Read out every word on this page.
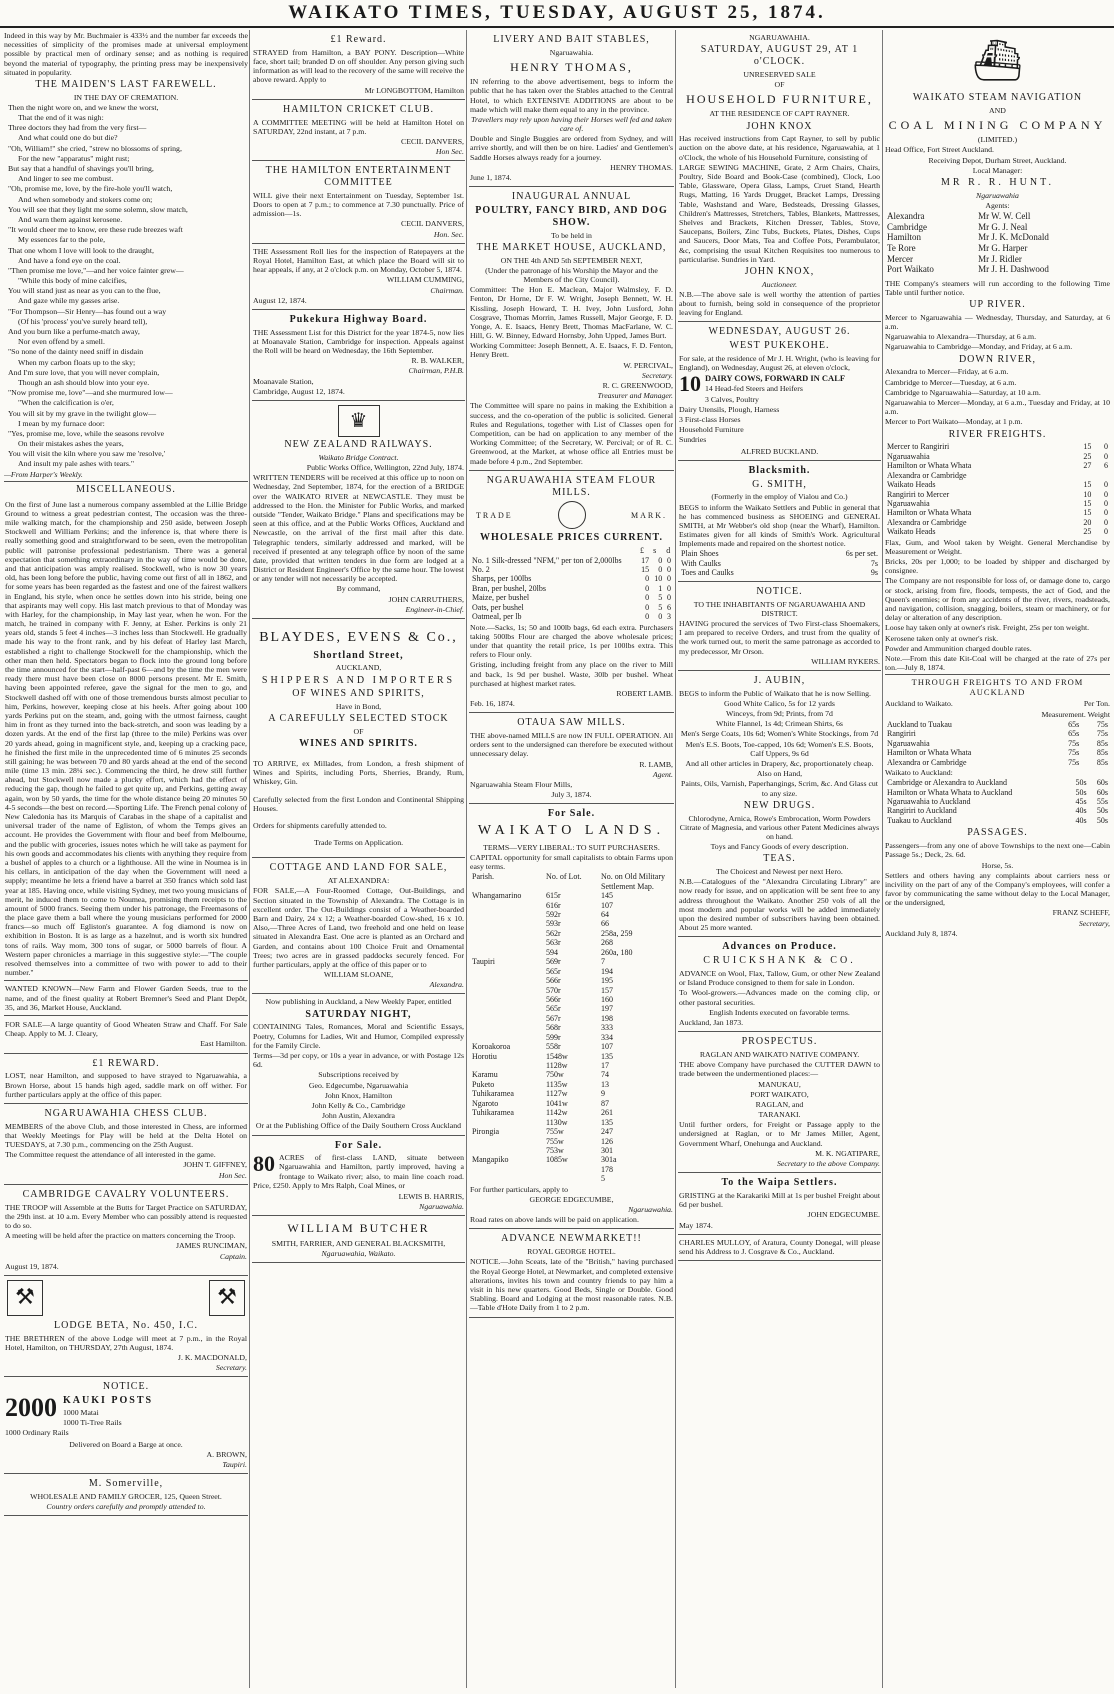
WAIKATO TIMES, TUESDAY, AUGUST 25, 1874.
Indeed in this way by Mr. Buchmaier is 433½ and the number far exceeds the necessities of simplicity of the promises made at universal employment possible by practical men of ordinary sense; and as nothing is required beyond the material of typography, the printing press may be inexpensively situated in popularity.
THE MAIDEN'S LAST FAREWELL.
IN THE DAY OF CREMATION.
Then the night wore on, and we knew the worst,
That the end of it was nigh:
Three doctors they had from the very first—
And what could one do but die?
"Oh, William!" she cried, "strew no blossoms of spring,
For the new "apparatus" might rust;
But say that a handful of shavings you'll bring,
And linger to see me combust.
"Oh, promise me, love, by the fire-hole you'll watch,
And when somebody and stokers come on;
You will see that they light me some solemn, slow match,
And warn them against kerosene.
"It would cheer me to know, ere these rude breezes waft
My essences far to the pole,
That one whom I love will look to the draught,
And have a fond eye on the coal.
"Then promise me love,"—and her voice fainter grew—
"While this body of mine calcifies,
You will stand just as near as you can to the flue,
And gaze while my gasses arise.
"For Thompson—Sir Henry—has found out a way
(Of his 'process' you've surely heard tell),
And you burn like a perfume-match away,
Nor even offend by a smell.
"So none of the dainty need sniff in disdain
When my carbon floats up to the sky;
And I'm sure love, that you will never complain,
Though an ash should blow into your eye.
"Now promise me, love"—and she murmured low—
"When the calcification is o'er,
You will sit by my grave in the twilight glow—
I mean by my furnace door:
"Yes, promise me, love, while the seasons revolve
On their mistakes ashes the years,
You will visit the kiln where you saw me 'resolve,'
And insult my pale ashes with tears."
—From Harper's Weekly.
MISCELLANEOUS.
On the first of June last a numerous company assembled at the Lillie Bridge Ground to witness a great pedestrian contest, The occasion was the three-mile walking match, for the championship and 250 aside, between Joseph Stockwell and William Perkins; and the inference is, that where there is really something good and straightforward to be seen, even the metropolitan public will patronise professional pedestrianism. There was a general expectation that something extraordinary in the way of time would be done, and that anticipation was amply realised. Stockwell, who is now 30 years old, has been long before the public, having come out first of all in 1862, and for some years has been regarded as the fastest and one of the fairest walkers in England, his style, when once he settles down into his stride, being one that aspirants may well copy. His last match previous to that of Monday was with Harley, for the championship, in May last year, when he won. For the match, he trained in company with F. Jenny, at Esher. Perkins is only 21 years old, stands 5 feet 4 inches—3 inches less than Stockwell. He gradually made his way to the front rank, and by his defeat of Harley last March, established a right to challenge Stockwell for the championship, which the other man then held. Spectators began to flock into the ground long before the time announced for the start—half-past 6—and by the time the men were ready there must have been close on 8000 persons present. Mr E. Smith, having been appointed referee, gave the signal for the men to go, and Stockwell dashed off with one of those tremendous bursts almost peculiar to him, Perkins, however, keeping close at his heels. After going about 100 yards Perkins put on the steam, and, going with the utmost fairness, caught him in front as they turned into the back-stretch, and soon was leading by a dozen yards. At the end of the first lap (three to the mile) Perkins was over 20 yards ahead, going in magnificent style, and, keeping up a cracking pace, he finished the first mile in the unprecedented time of 6 minutes 25 seconds still gaining; he was between 70 and 80 yards ahead at the end of the second mile (time 13 min. 28¼ sec.). Commencing the third, he drew still further ahead, but Stockwell now made a plucky effort, which had the effect of reducing the gap, though he failed to get quite up, and Perkins, getting away again, won by 50 yards, the time for the whole distance being 20 minutes 50 4-5 seconds—the best on record.—Sporting Life. The French penal colony of New Caledonia has its Marquis of Carabas in the shape of a capitalist and universal trader of the name of Egliston, of whom the Temps gives an account. He provides the Government with flour and beef from Melbourne, and the public with groceries, issues notes which he will take as payment for his own goods and accommodates his clients with anything they require from a bushel of apples to a church or a lighthouse. All the wine in Noumea is in his cellars, in anticipation of the day when the Government will need a supply; meantime he lets a friend have a barrel at 350 francs which sold last year at 185. Having once, while visiting Sydney, met two young musicians of merit, he induced them to come to Noumea, promising them receipts to the amount of 5000 francs. Seeing them under his patronage, the Freemasons of the place gave them a ball where the young musicians performed for 2000 francs—so much off Egliston's guarantee. A fog diamond is now on exhibition in Boston. It is as large as a hazelnut, and is worth six hundred tons of rails. Way mom, 300 tons of sugar, or 5000 barrels of flour. A Western paper chronicles a marriage in this suggestive style:—"The couple resolved themselves into a committee of two with power to add to their number."
WANTED KNOWN—New Farm and Flower Garden Seeds, true to the name, and of the finest quality at Robert Bremner's Seed and Plant Depôt, 35, and 36, Market House, Auckland.
FOR SALE—A large quantity of Good Wheaten Straw and Chaff. For Sale Cheap. Apply to M. J. Cleary,
East Hamilton.
£1 REWARD.
LOST, near Hamilton, and supposed to have strayed to Ngaruawahia, a Brown Horse, about 15 hands high aged, saddle mark on off wither. For further particulars apply at the office of this paper.
NGARUAWAHIA CHESS CLUB.
MEMBERS of the above Club, and those interested in Chess, are informed that Weekly Meetings for Play will be held at the Delta Hotel on TUESDAYS, at 7.30 p.m., commencing on the 25th August.
The Committee request the attendance of all interested in the game.
JOHN T. GIFFNEY,
Hon Sec.
CAMBRIDGE CAVALRY VOLUNTEERS.
THE TROOP will Assemble at the Butts for Target Practice on SATURDAY, the 29th inst. at 10 a.m. Every Member who can possibly attend is requested to do so.
A meeting will be held after the practice on matters concerning the Troop.
JAMES RUNCIMAN,
Captain.
August 19, 1874.
⚒	⚒
LODGE BETA, No. 450, I.C.
THE BRETHREN of the above Lodge will meet at 7 p.m., in the Royal Hotel, Hamilton, on THURSDAY, 27th August, 1874.
J. K. MACDONALD,
Secretary.
NOTICE.
2000 KAUKI POSTS
1000 Matai
1000 Ti-Tree Rails
1000 Ordinary Rails
Delivered on Board a Barge at once.
A. BROWN,
Taupiri.
M. Somerville,
WHOLESALE AND FAMILY GROCER, 125, Queen Street.
Country orders carefully and promptly attended to.
£1 Reward.
STRAYED from Hamilton, a BAY PONY. Description—White face, short tail; branded D on off shoulder. Any person giving such information as will lead to the recovery of the same will receive the above reward. Apply to
Mr LONGBOTTOM, Hamilton
HAMILTON CRICKET CLUB.
A COMMITTEE MEETING will be held at Hamilton Hotel on SATURDAY, 22nd instant, at 7 p.m.
CECIL DANVERS,
Hon Sec.
THE HAMILTON ENTERTAINMENT COMMITTEE
WILL give their next Entertainment on Tuesday, September 1st. Doors to open at 7 p.m.; to commence at 7.30 punctually. Price of admission—1s.
CECIL DANVERS,
Hon. Sec.
THE Assessment Roll lies for the inspection of Ratepayers at the Royal Hotel, Hamilton East, at which place the Board will sit to hear appeals, if any, at 2 o'clock p.m. on Monday, October 5, 1874.
WILLIAM CUMMING,
Chairman.
August 12, 1874.
Pukekura Highway Board.
THE Assessment List for this District for the year 1874-5, now lies at Moanavale Station, Cambridge for inspection. Appeals against the Roll will be heard on Wednesday, the 16th September.
R. B. WALKER,
Chairman, P.H.B.
Moanavale Station,
Cambridge, August 12, 1874.
♛
NEW ZEALAND RAILWAYS.
Waikato Bridge Contract.
Public Works Office, Wellington, 22nd July, 1874.
WRITTEN TENDERS will be received at this office up to noon on Wednesday, 2nd September, 1874, for the erection of a BRIDGE over the WAIKATO RIVER at NEWCASTLE. They must be addressed to the Hon. the Minister for Public Works, and marked outside "Tender, Waikato Bridge." Plans and specifications may be seen at this office, and at the Public Works Offices, Auckland and Newcastle, on the arrival of the first mail after this date. Telegraphic tenders, similarly addressed and marked, will be received if presented at any telegraph office by noon of the same date, provided that written tenders in due form are lodged at a District or Resident Engineer's Office by the same hour. The lowest or any tender will not necessarily be accepted.
By command,
JOHN CARRUTHERS,
Engineer-in-Chief.
BLAYDES, EVENS & Co.,
Shortland Street,
AUCKLAND,
SHIPPERS AND IMPORTERS
OF WINES AND SPIRITS,
Have in Bond,
A CAREFULLY SELECTED STOCK
OF
WINES AND SPIRITS.
TO ARRIVE, ex Millades, from London, a fresh shipment of Wines and Spirits, including Ports, Sherries, Brandy, Rum, Whiskey, Gin.
Carefully selected from the first London and Continental Shipping Houses.
Orders for shipments carefully attended to.
Trade Terms on Application.
COTTAGE AND LAND FOR SALE,
AT ALEXANDRA:
FOR SALE,—A Four-Roomed Cottage, Out-Buildings, and Section situated in the Township of Alexandra. The Cottage is in excellent order. The Out-Buildings consist of a Weather-boarded Barn and Dairy, 24 x 12; a Weather-boarded Cow-shed, 16 x 10. Also,—Three Acres of Land, two freehold and one held on lease situated in Alexandra East. One acre is planted as an Orchard and Garden, and contains about 100 Choice Fruit and Ornamental Trees; two acres are in grassed paddocks securely fenced. For further particulars, apply at the office of this paper or to
WILLIAM SLOANE,
Alexandra.
Now publishing in Auckland, a New Weekly Paper, entitled
SATURDAY NIGHT,
CONTAINING Tales, Romances, Moral and Scientific Essays, Poetry, Columns for Ladies, Wit and Humor, Compiled expressly for the Family Circle.
Terms—3d per copy, or 10s a year in advance, or with Postage 12s 6d.
Subscriptions received by
Geo. Edgecumbe, Ngaruawahia
John Knox, Hamilton
John Kelly & Co., Cambridge
John Austin, Alexandra
Or at the Publishing Office of the Daily Southern Cross Auckland
For Sale.
80 ACRES of first-class LAND, situate between Ngaruawahia and Hamilton, partly improved, having a frontage to Waikato river; also, to main line coach road. Price, £250. Apply to Mrs Ralph, Coal Mines, or
LEWIS B. HARRIS,
Ngaruawahia.
WILLIAM BUTCHER
SMITH, FARRIER, AND GENERAL BLACKSMITH,
Ngaruawahia, Waikato.
LIVERY AND BAIT STABLES,
Ngaruawahia.
HENRY THOMAS,
IN referring to the above advertisement, begs to inform the public that he has taken over the Stables attached to the Central Hotel, to which EXTENSIVE ADDITIONS are about to be made which will make them equal to any in the province.
Travellers may rely upon having their Horses well fed and taken care of.
Double and Single Buggies are ordered from Sydney, and will arrive shortly, and will then be on hire. Ladies' and Gentlemen's Saddle Horses always ready for a journey.
HENRY THOMAS.
June 1, 1874.
INAUGURAL ANNUAL
POULTRY, FANCY BIRD, AND DOG SHOW.
To be held in
THE MARKET HOUSE, AUCKLAND,
ON THE 4th AND 5th SEPTEMBER NEXT,
(Under the patronage of his Worship the Mayor and the Members of the City Council).
Committee: The Hon E. Maclean, Major Walmsley, F. D. Fenton, Dr Horne, Dr F. W. Wright, Joseph Bennett, W. H. Kissling, Joseph Howard, T. H. Ivey, John Lusford, John Cosgrave, Thomas Morrin, James Russell, Major George, F. D. Yonge, A. E. Isaacs, Henry Brett, Thomas MacFarlane, W. C. Hill, G. W. Binney, Edward Hornsby, John Upped, James Burt.
Working Committee: Joseph Bennett, A. E. Isaacs, F. D. Fenton, Henry Brett.
W. PERCIVAL,
Secretary.
R. C. GREENWOOD,
Treasurer and Manager.
The Committee will spare no pains in making the Exhibition a success, and the co-operation of the public is solicited. General Rules and Regulations, together with List of Classes open for Competition, can be had on application to any member of the Working Committee; of the Secretary, W. Percival; or of R. C. Greenwood, at the Market, at whose office all Entries must be made before 4 p.m., 2nd September.
NGARUAWAHIA STEAM FLOUR MILLS.
TRADE	MARK.
WHOLESALE PRICES CURRENT.
	£	s	d
No. 1 Silk-dressed "NFM," per ton of 2,000lbs	17	0	0
No. 2	15	0	0
Sharps, per 100lbs	0	10	0
Bran, per bushel, 20lbs	0	1	0
Maize, per bushel	0	5	0
Oats, per bushel	0	5	6
Oatmeal, per lb	0	0	3
Note.—Sacks, 1s; 50 and 100lb bags, 6d each extra. Purchasers taking 500lbs Flour are charged the above wholesale prices; under that quantity the retail price, 1s per 100lbs extra. This refers to Flour only.
Gristing, including freight from any place on the river to Mill and back, 1s 9d per bushel. Waste, 30lb per bushel. Wheat purchased at highest market rates.
ROBERT LAMB.
Feb. 16, 1874.
OTAUA SAW MILLS.
THE above-named MILLS are now IN FULL OPERATION. All orders sent to the undersigned can therefore be executed without unnecessary delay.
R. LAMB,
Agent.
Ngaruawahia Steam Flour Mills,
July 3, 1874.
For Sale.
WAIKATO LANDS.
TERMS—VERY LIBERAL: TO SUIT PURCHASERS.
CAPITAL opportunity for small capitalists to obtain Farms upon easy terms.
Parish.	No. of Lot.	No. on Old Military Settlement Map.
Whangamarino	615r	145
	616r	107
	592r	64
	593r	66
	562r	258a, 259
	563r	268
	594	260a, 180
Taupiri	569r	7
	565r	194
	566r	195
	570r	157
	566r	160
	565r	197
	567r	198
	568r	333
	599r	334
Koroakoroa	558r	107
Horotiu	1548w	135
	1128w	17
Karamu	750w	74
Puketo	1135w	13
Tuhikaramea	1127w	9
Ngaroto	1041w	87
Tuhikaramea	1142w	261
	1130w	135
Pirongia	755w	247
	755w	126
	753w	301
Mangapiko	1085w	301a
		178
		5
For further particulars, apply to
GEORGE EDGECUMBE,
Ngaruawahia.
Road rates on above lands will be paid on application.
ADVANCE NEWMARKET!!
ROYAL GEORGE HOTEL.
NOTICE.—John Sceats, late of the "British," having purchased the Royal George Hotel, at Newmarket, and completed extensive alterations, invites his town and country friends to pay him a visit in his new quarters. Good Beds, Single or Double. Good Stabling. Board and Lodging at the most reasonable rates. N.B.—Table d'Hote Daily from 1 to 2 p.m.
NGARUAWAHIA.
SATURDAY, AUGUST 29, AT 1 o'CLOCK.
UNRESERVED SALE
OF
HOUSEHOLD FURNITURE,
AT THE RESIDENCE OF CAPT RAYNER.
JOHN KNOX
Has received instructions from Capt Rayner, to sell by public auction on the above date, at his residence, Ngaruawahia, at 1 o'Clock, the whole of his Household Furniture, consisting of
LARGE SEWING MACHINE, Grate, 2 Arm Chairs, Chairs, Poultry, Side Board and Book-Case (combined), Clock, Loo Table, Glassware, Opera Glass, Lamps, Cruet Stand, Hearth Rugs, Matting, 16 Yards Drugget, Bracket Lamps, Dressing Table, Washstand and Ware, Bedsteads, Dressing Glasses, Children's Mattresses, Stretchers, Tables, Blankets, Mattresses, Shelves and Brackets, Kitchen Dresser, Tables, Stove, Saucepans, Boilers, Zinc Tubs, Buckets, Plates, Dishes, Cups and Saucers, Door Mats, Tea and Coffee Pots, Perambulator, &c, comprising the usual Kitchen Requisites too numerous to particularise. Sundries in Yard.
JOHN KNOX,
Auctioneer.
N.B.—The above sale is well worthy the attention of parties about to furnish, being sold in consequence of the proprietor leaving for England.
WEDNESDAY, AUGUST 26.
WEST PUKEKOHE.
For sale, at the residence of Mr J. H. Wright, (who is leaving for England), on Wednesday, August 26, at eleven o'clock,
10 DAIRY COWS, FORWARD IN CALF
14 Head-fed Steers and Heifers
3 Calves, Poultry
Dairy Utensils, Plough, Harness
3 First-class Horses
Household Furniture
Sundries
ALFRED BUCKLAND.
Blacksmith.
G. SMITH,
(Formerly in the employ of Vialou and Co.)
BEGS to inform the Waikato Settlers and Public in general that he has commenced business as SHOEING and GENERAL SMITH, at Mr Webber's old shop (near the Wharf), Hamilton. Estimates given for all kinds of Smith's Work. Agricultural Implements made and repaired on the shortest notice.
Plain Shoes	6s per set.
With Caulks	7s
Toes and Caulks	9s
NOTICE.
TO THE INHABITANTS OF NGARUAWAHIA AND DISTRICT.
HAVING procured the services of Two First-class Shoemakers, I am prepared to receive Orders, and trust from the quality of the work turned out, to merit the same patronage as accorded to my predecessor, Mr Orson.
WILLIAM RYKERS.
J. AUBIN,
BEGS to inform the Public of Waikato that he is now Selling.
Good White Calico, 5s for 12 yards
Winceys, from 9d; Prints, from 7d
White Flannel, 1s 4d; Crimean Shirts, 6s
Men's Serge Coats, 10s 6d; Women's White Stockings, from 7d
Men's E.S. Boots, Toe-capped, 10s 6d; Women's E.S. Boots, Calf Uppers, 9s 6d
And all other articles in Drapery, &c, proportionately cheap.
Also on Hand,
Paints, Oils, Varnish, Paperhangings, Scrim, &c. And Glass cut to any size.
NEW DRUGS.
Chlorodyne, Arnica, Rowe's Embrocation, Worm Powders Citrate of Magnesia, and various other Patent Medicines always on hand.
Toys and Fancy Goods of every description.
TEAS.
The Choicest and Newest per next Hero.
N.B.—Catalogues of the "Alexandra Circulating Library" are now ready for issue, and on application will be sent free to any address throughout the Waikato. Another 250 vols of all the most modern and popular works will be added immediately upon the desired number of subscribers having been obtained. About 25 more wanted.
Advances on Produce.
CRUICKSHANK & CO.
ADVANCE on Wool, Flax, Tallow, Gum, or other New Zealand or Island Produce consigned to them for sale in London.
To Wool-growers.—Advances made on the coming clip, or other pastoral securities.
English Indents executed on favorable terms.
Auckland, Jan 1873.
PROSPECTUS.
RAGLAN AND WAIKATO NATIVE COMPANY.
THE above Company have purchased the CUTTER DAWN to trade between the undermentioned places:—
MANUKAU,
PORT WAIKATO,
RAGLAN, and
TARANAKI.
Until further orders, for Freight or Passage apply to the undersigned at Raglan, or to Mr James Miller, Agent, Government Wharf, Onehunga and Auckland.
M. K. NGATIPARE,
Secretary to the above Company.
To the Waipa Settlers.
GRISTING at the Karakariki Mill at 1s per bushel Freight about 6d per bushel.
JOHN EDGECUMBE.
May 1874.
CHARLES MULLOY, of Aratura, County Donegal, will please send his Address to J. Cosgrave & Co., Auckland.
⛴
WAIKATO STEAM NAVIGATION
AND
COAL MINING COMPANY
(LIMITED.)
Head Office, Fort Street Auckland.
Receiving Depot, Durham Street, Auckland.
Local Manager:
MR R. R. HUNT.
Ngaruawahia
Agents:
Alexandra	Mr W. W. Cell
Cambridge	Mr G. J. Neal
Hamilton	Mr J. K. McDonald
Te Rore	Mr G. Harper
Mercer	Mr J. Ridler
Port Waikato	Mr J. H. Dashwood
THE Company's steamers will run according to the following Time Table until further notice.
UP RIVER.
Mercer to Ngaruawahia — Wednesday, Thursday, and Saturday, at 6 a.m.
Ngaruawahia to Alexandra—Thursday, at 6 a.m.
Ngaruawahia to Cambridge—Monday, and Friday, at 6 a.m.
DOWN RIVER,
Alexandra to Mercer—Friday, at 6 a.m.
Cambridge to Mercer—Tuesday, at 6 a.m.
Cambridge to Ngaruawahia—Saturday, at 10 a.m.
Ngaruawahia to Mercer—Monday, at 6 a.m., Tuesday and Friday, at 10 a.m.
Mercer to Port Waikato—Monday, at 1 p.m.
RIVER FREIGHTS.
Mercer to Rangiriri	15	0
Ngaruawahia	25	0
Hamilton or Whata Whata	27	6
Alexandra or Cambridge		
Waikato Heads	15	0
Rangiriri to Mercer	10	0
Ngaruawahia	15	0
Hamilton or Whata Whata	15	0
Alexandra or Cambridge	20	0
Waikato Heads	25	0
Flax, Gum, and Wool taken by Weight. General Merchandise by Measurement or Weight.
Bricks, 20s per 1,000; to be loaded by shipper and discharged by consignee.
The Company are not responsible for loss of, or damage done to, cargo or stock, arising from fire, floods, tempests, the act of God, and the Queen's enemies; or from any accidents of the river, rivers, roadsteads, and navigation, collision, snagging, boilers, steam or machinery, or for delay or alteration of any description.
Loose hay taken only at owner's risk. Freight, 25s per ton weight.
Kerosene taken only at owner's risk.
Powder and Ammunition charged double rates.
Note.—From this date Kit-Coal will be charged at the rate of 27s per ton.—July 8, 1874.
THROUGH FREIGHTS TO AND FROM AUCKLAND
Auckland to Waikato.	Per Ton.
Measurement. Weight
Auckland to Tuakau	65s	75s
Rangiriri	65s	75s
Ngaruawahia	75s	85s
Hamilton or Whata Whata	75s	85s
Alexandra or Cambridge	75s	85s
Waikato to Auckland:
Cambridge or Alexandra to Auckland	50s	60s
Hamilton or Whata Whata to Auckland	50s	60s
Ngaruawahia to Auckland	45s	55s
Rangiriri to Auckland	40s	50s
Tuakau to Auckland	40s	50s
PASSAGES.
Passengers—from any one of above Townships to the next one—Cabin Passage 5s.; Deck, 2s. 6d.
Horse, 5s.
Settlers and others having any complaints about carriers ness or incivility on the part of any of the Company's employees, will confer a favor by communicating the same without delay to the Local Manager, or the undersigned,
FRANZ SCHEFF,
Secretary,
Auckland July 8, 1874.
